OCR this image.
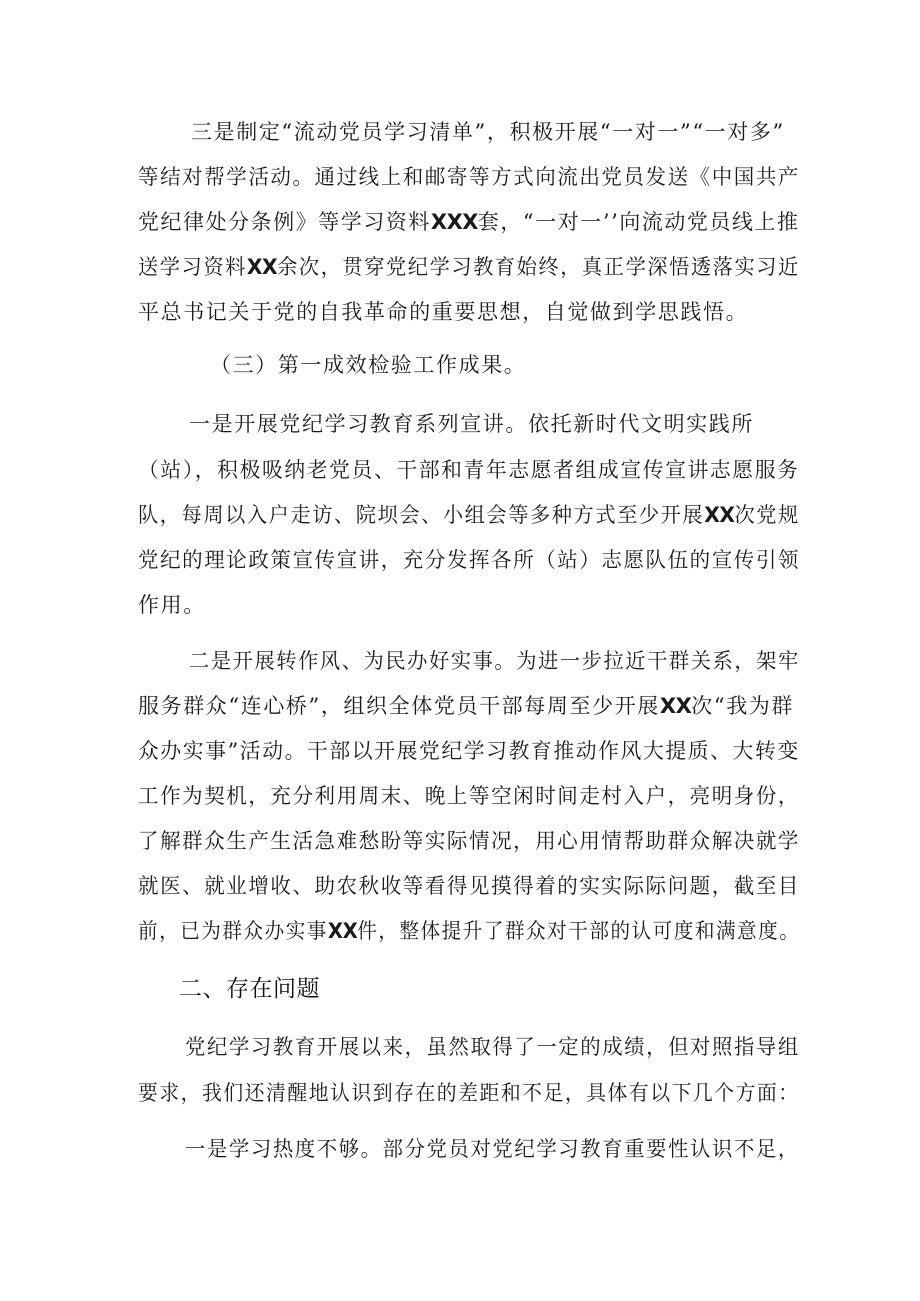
三是制定“流动党员学习清单”，积极开展“一对一”“一对多”
等结对帮学活动。通过线上和邮寄等方式向流出党员发送《中国共产
党纪律处分条例》等学习资料XXX套，“一对一’’向流动党员线上推
送学习资料XX余次，贯穿党纪学习教育始终，真正学深悟透落实习近
平总书记关于党的自我革命的重要思想，自觉做到学思践悟。
（三）第一成效检验工作成果。
一是开展党纪学习教育系列宣讲。依托新时代文明实践所
（站），积极吸纳老党员、干部和青年志愿者组成宣传宣讲志愿服务
队，每周以入户走访、院坝会、小组会等多种方式至少开展XX次党规
党纪的理论政策宣传宣讲，充分发挥各所（站）志愿队伍的宣传引领
作用。
二是开展转作风、为民办好实事。为进一步拉近干群关系，架牢
服务群众“连心桥”，组织全体党员干部每周至少开展XX次“我为群
众办实事”活动。干部以开展党纪学习教育推动作风大提质、大转变
工作为契机，充分利用周末、晚上等空闲时间走村入户，亮明身份，
了解群众生产生活急难愁盼等实际情况，用心用情帮助群众解决就学
就医、就业增收、助农秋收等看得见摸得着的实实际际问题，截至目
前，已为群众办实事XX件，整体提升了群众对干部的认可度和满意度。
二、存在问题
党纪学习教育开展以来，虽然取得了一定的成绩，但对照指导组
要求，我们还清醒地认识到存在的差距和不足，具体有以下几个方面：
一是学习热度不够。部分党员对党纪学习教育重要性认识不足，
